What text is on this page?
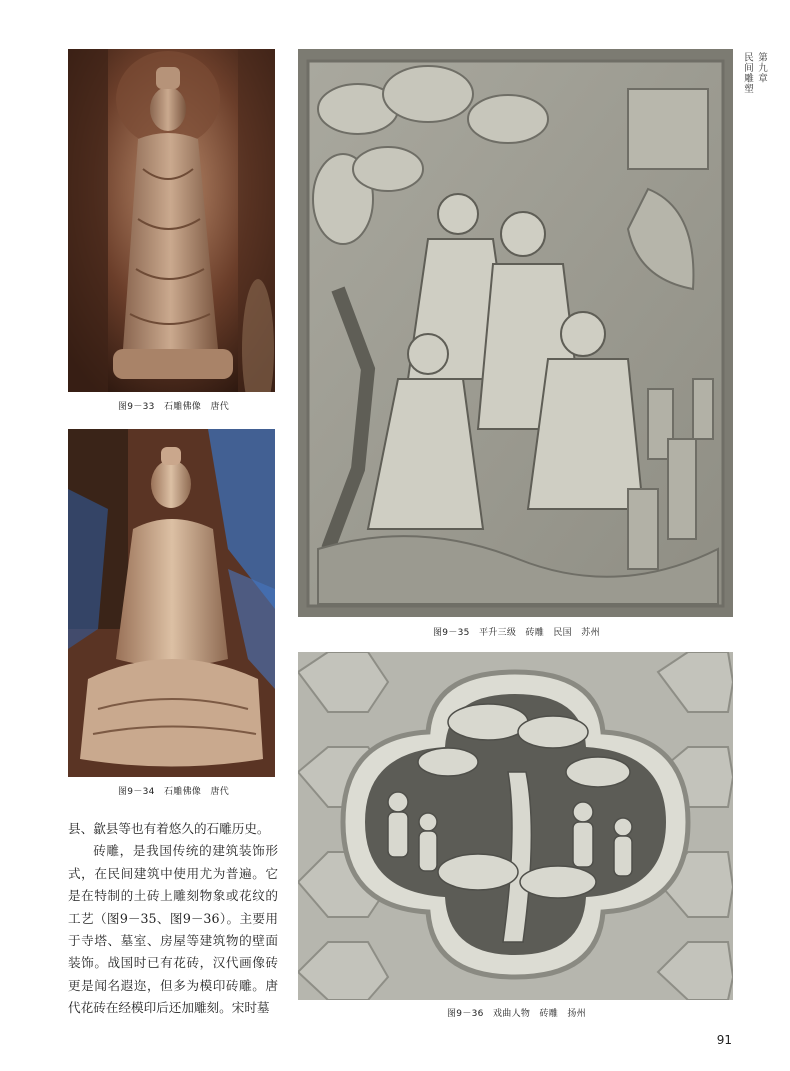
第九章
民间雕塑
图9－33　石雕佛像　唐代
图9－34　石雕佛像　唐代
图9－35　平升三级　砖雕　民国　苏州
图9－36　戏曲人物　砖雕　扬州

县、歙县等也有着悠久的石雕历史。

砖雕，是我国传统的建筑装饰形式，在民间建筑中使用尤为普遍。它是在特制的土砖上雕刻物象或花纹的工艺（图9－35、图9－36）。主要用于寺塔、墓室、房屋等建筑物的壁面装饰。战国时已有花砖，汉代画像砖更是闻名遐迩，但多为模印砖雕。唐代花砖在经模印后还加雕刻。宋时墓

91
